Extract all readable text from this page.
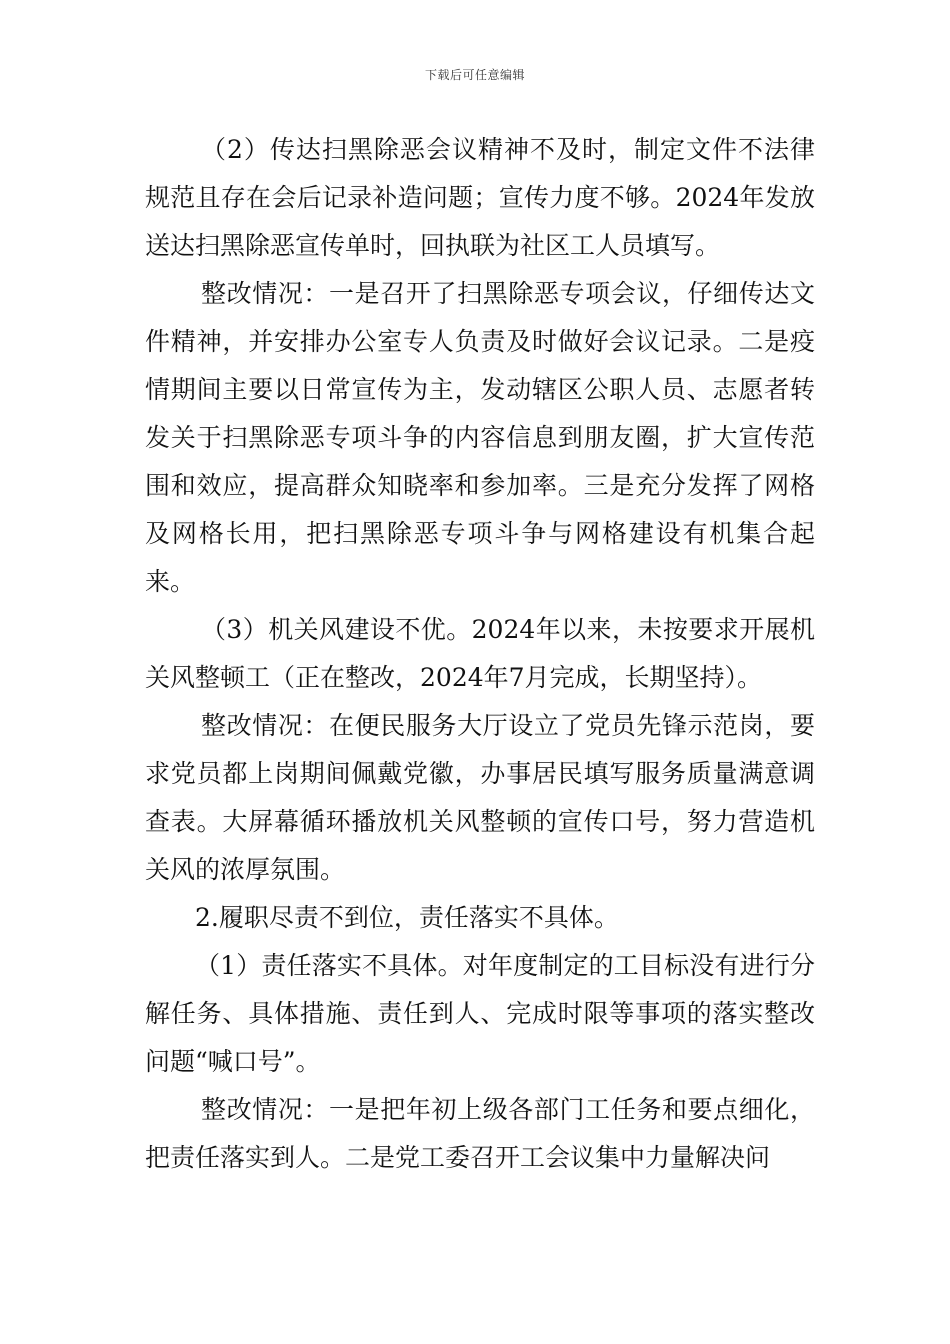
下载后可任意编辑

（2）传达扫黑除恶会议精神不及时，制定文件不法律规范且存在会后记录补造问题；宣传力度不够。2024年发放送达扫黑除恶宣传单时，回执联为社区工人员填写。

整改情况：一是召开了扫黑除恶专项会议，仔细传达文件精神，并安排办公室专人负责及时做好会议记录。二是疫情期间主要以日常宣传为主，发动辖区公职人员、志愿者转发关于扫黑除恶专项斗争的内容信息到朋友圈，扩大宣传范围和效应，提高群众知晓率和参加率。三是充分发挥了网格及网格长用，把扫黑除恶专项斗争与网格建设有机集合起来。

（3）机关风建设不优。2024年以来，未按要求开展机关风整顿工（正在整改，2024年7月完成，长期坚持）。

整改情况：在便民服务大厅设立了党员先锋示范岗，要求党员都上岗期间佩戴党徽，办事居民填写服务质量满意调查表。大屏幕循环播放机关风整顿的宣传口号，努力营造机关风的浓厚氛围。

2.履职尽责不到位，责任落实不具体。

（1）责任落实不具体。对年度制定的工目标没有进行分解任务、具体措施、责任到人、完成时限等事项的落实整改问题“喊口号”。

整改情况：一是把年初上级各部门工任务和要点细化，把责任落实到人。二是党工委召开工会议集中力量解决问
